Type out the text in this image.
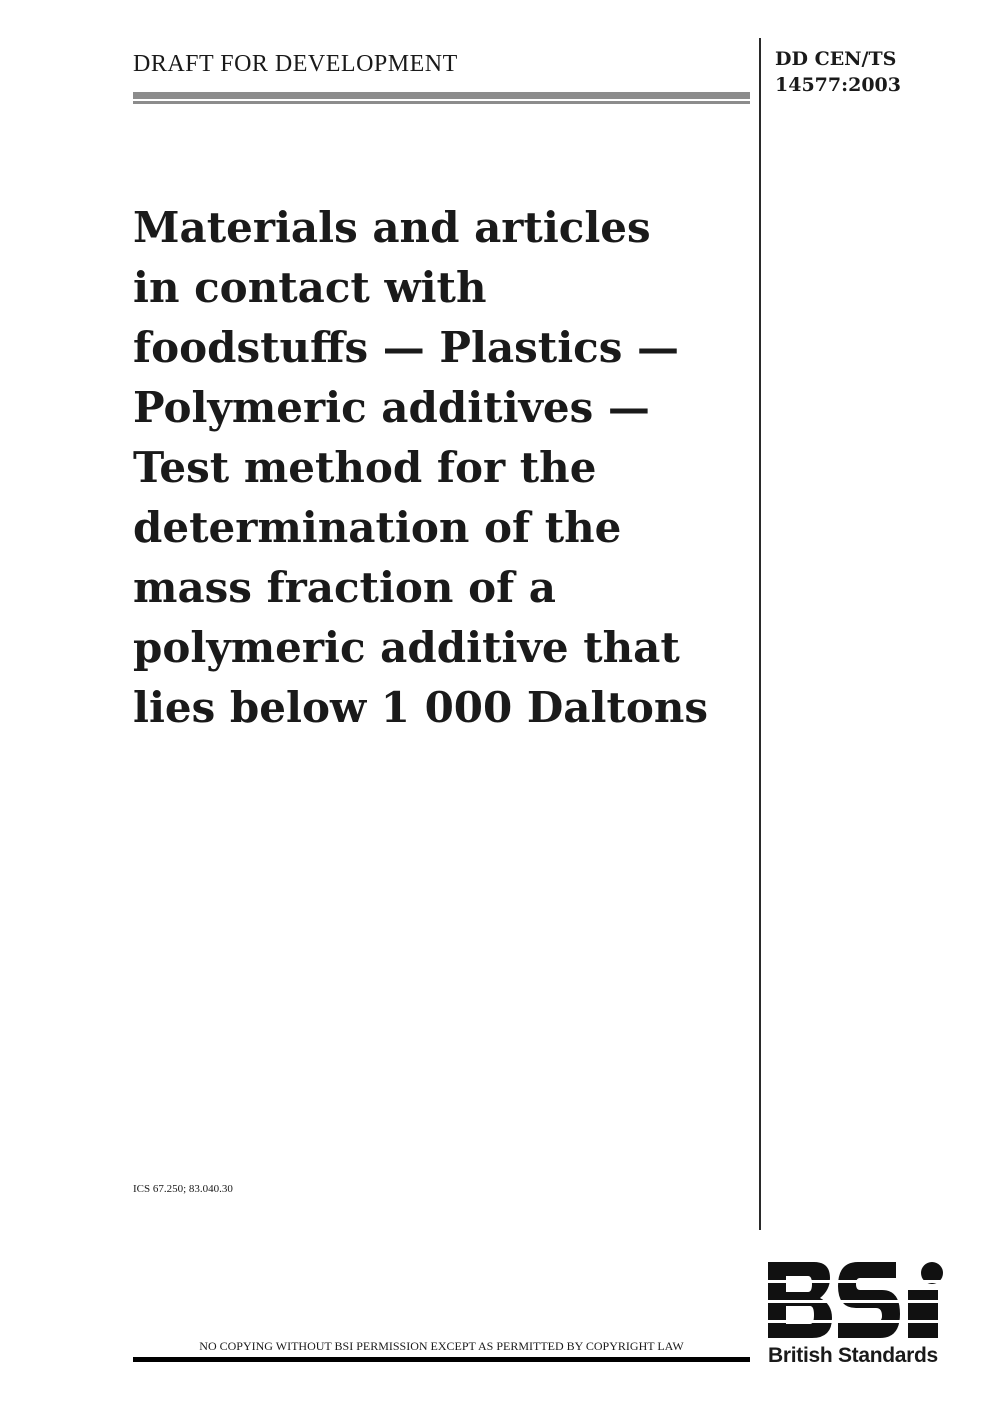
DRAFT FOR DEVELOPMENT	DD CEN/TS
14577:2003
Materials and articles
in contact with
foodstuffs — Plastics —
Polymeric additives —
Test method for the
determination of the
mass fraction of a
polymeric additive that
lies below 1 000 Daltons
ICS 67.250; 83.040.30
NO COPYING WITHOUT BSI PERMISSION EXCEPT AS PERMITTED BY COPYRIGHT LAW	British Standards
